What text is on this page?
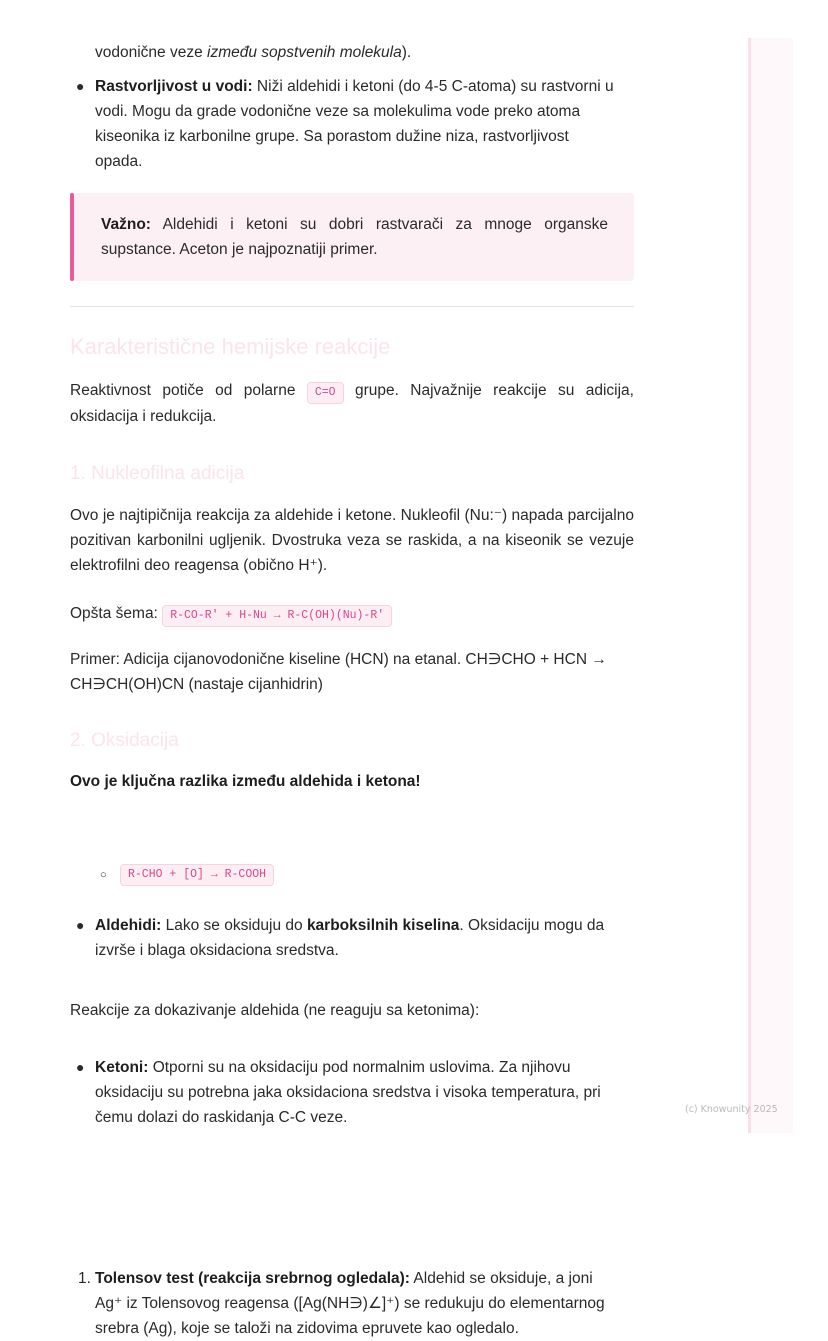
vodonične veze između sopstvenih molekula).

● Rastvorljivost u vodi: Niži aldehidi i ketoni (do 4-5 C-atoma) su rastvorni u
vodi. Mogu da grade vodonične veze sa molekulima vode preko atoma
kiseonika iz karbonilne grupe. Sa porastom dužine niza, rastvorljivost
opada.
Važno: Aldehidi i ketoni su dobri rastvarači za mnoge organske supstance. Aceton je najpoznatiji primer.
Karakteristične hemijske reakcije

Reaktivnost potiče od polarne C=O grupe. Najvažnije reakcije su adicija, oksidacija i redukcija.

1. Nukleofilna adicija

Ovo je najtipičnija reakcija za aldehide i ketone. Nukleofil (Nu:⁻) napada parcijalno pozitivan karbonilni ugljenik. Dvostruka veza se raskida, a na kiseonik se vezuje elektrofilni deo reagensa (obično H⁺).

Opšta šema: R-CO-R' + H-Nu → R-C(OH)(Nu)-R'

Primer: Adicija cijanovodonične kiseline (HCN) na etanal. CH∋CHO + HCN →
CH∋CH(OH)CN (nastaje cijanhidrin)
2. Oksidacija

Ovo je ključna razlika između aldehida i ketona!

● Aldehidi: Lako se oksiduju do karboksilnih kiselina. Oksidaciju mogu da
izvrše i blaga oksidaciona sredstva.
○	R-CHO + [O] → R-COOH
● Ketoni: Otporni su na oksidaciju pod normalnim uslovima. Za njihovu
oksidaciju su potrebna jaka oksidaciona sredstva i visoka temperatura, pri
čemu dolazi do raskidanja C-C veze.

Reakcije za dokazivanje aldehida (ne reaguju sa ketonima):

1. Tolensov test (reakcija srebrnog ogledala): Aldehid se oksiduje, a joni
Ag⁺ iz Tolensovog reagensa ([Ag(NH∋)∠]⁺) se redukuju do elementarnog
srebra (Ag), koje se taloži na zidovima epruvete kao ogledalo.
(c) Knowunity 2025
